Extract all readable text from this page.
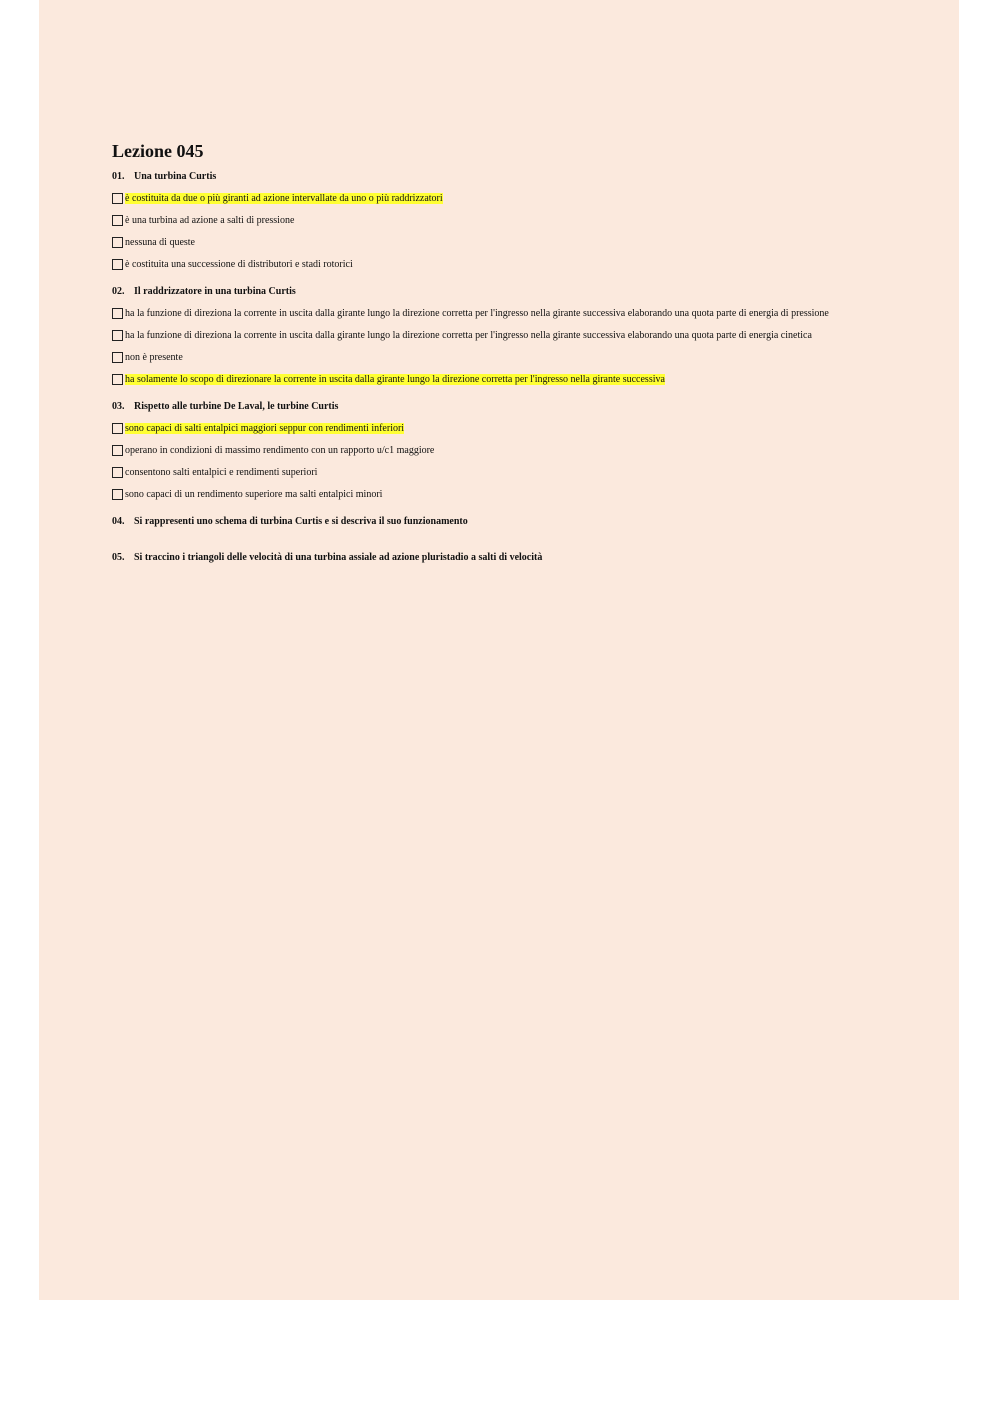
Lezione 045
01. Una turbina Curtis
è costituita da due o più giranti ad azione intervallate da uno o più raddrizzatori
è una turbina ad azione a salti di pressione
nessuna di queste
è costituita una successione di distributori e stadi rotorici
02. Il raddrizzatore in una turbina Curtis
ha la funzione di direziona la corrente in uscita dalla girante lungo la direzione corretta per l'ingresso nella girante successiva elaborando una quota parte di energia di pressione
ha la funzione di direziona la corrente in uscita dalla girante lungo la direzione corretta per l'ingresso nella girante successiva elaborando una quota parte di energia cinetica
non è presente
ha solamente lo scopo di direzionare la corrente in uscita dalla girante lungo la direzione corretta per l'ingresso nella girante successiva
03. Rispetto alle turbine De Laval, le turbine Curtis
sono capaci di salti entalpici maggiori seppur con rendimenti inferiori
operano in condizioni di massimo rendimento con un rapporto u/c1 maggiore
consentono salti entalpici e rendimenti superiori
sono capaci di un rendimento superiore ma salti entalpici minori
04. Si rappresenti uno schema di turbina Curtis e si descriva il suo funzionamento
05. Si traccino i triangoli delle velocità di una turbina assiale ad azione pluristadio a salti di velocità
